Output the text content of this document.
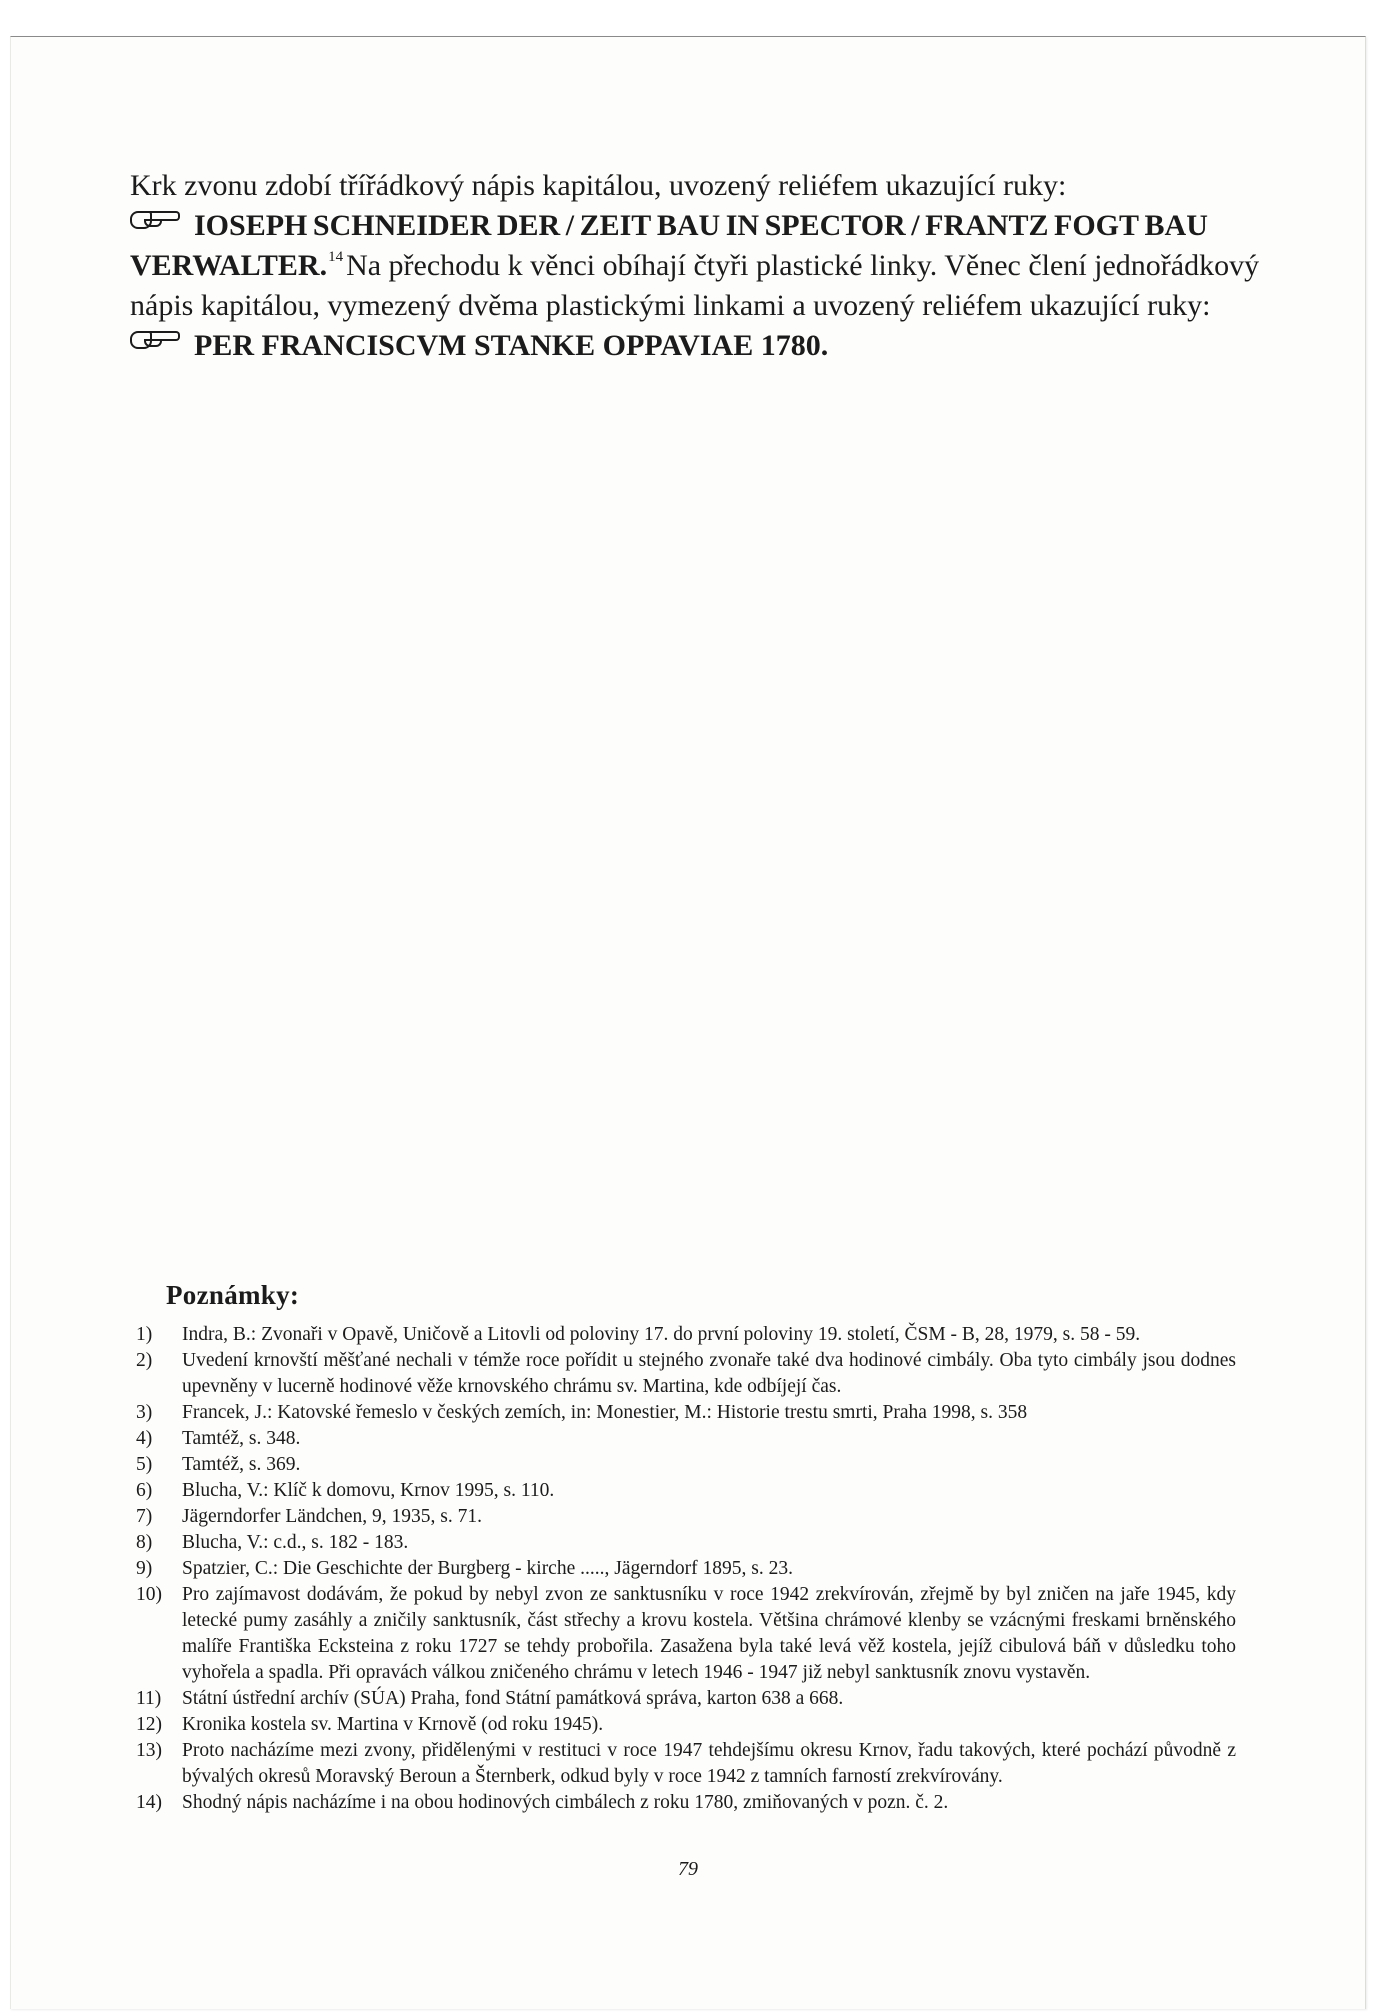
Krk zvonu zdobí třířádkový nápis kapitálou, uvozený reliéfem ukazující ruky:
IOSEPH SCHNEIDER DER / ZEIT BAU IN SPECTOR / FRANTZ FOGT BAU
VERWALTER.$^{14}$ Na přechodu k věnci obíhají čtyři plastické linky. Věnec člení jednořádkový
nápis kapitálou, vymezený dvěma plastickými linkami a uvozený reliéfem ukazující ruky:
PER FRANCISCVM STANKE OPPAVIAE 1780.
Poznámky:
1)	Indra, B.: Zvonaři v Opavě, Uničově a Litovli od poloviny 17. do první poloviny 19. století, ČSM - B, 28, 1979, s. 58 - 59.
2)	Uvedení krnovští měšťané nechali v témže roce pořídit u stejného zvonaře také dva hodinové cimbály. Oba tyto cimbály jsou dodnes upevněny v lucerně hodinové věže krnovského chrámu sv. Martina, kde odbíjejí čas.
3)	Francek, J.: Katovské řemeslo v českých zemích, in: Monestier, M.: Historie trestu smrti, Praha 1998, s. 358
4)	Tamtéž, s. 348.
5)	Tamtéž, s. 369.
6)	Blucha, V.: Klíč k domovu, Krnov 1995, s. 110.
7)	Jägerndorfer Ländchen, 9, 1935, s. 71.
8)	Blucha, V.: c.d., s. 182 - 183.
9)	Spatzier, C.: Die Geschichte der Burgberg - kirche ....., Jägerndorf 1895, s. 23.
10)	Pro zajímavost dodávám, že pokud by nebyl zvon ze sanktusníku v roce 1942 zrekvírován, zřejmě by byl zničen na jaře 1945, kdy letecké pumy zasáhly a zničily sanktusník, část střechy a krovu kostela. Většina chrámové klenby se vzácnými freskami brněnského malíře Františka Ecksteina z roku 1727 se tehdy probořila. Zasažena byla také levá věž kostela, jejíž cibulová báň v důsledku toho vyhořela a spadla. Při opravách válkou zničeného chrámu v letech 1946 - 1947 již nebyl sanktusník znovu vystavěn.
11)	Státní ústřední archív (SÚA) Praha, fond Státní památková správa, karton 638 a 668.
12)	Kronika kostela sv. Martina v Krnově (od roku 1945).
13)	Proto nacházíme mezi zvony, přidělenými v restituci v roce 1947 tehdejšímu okresu Krnov, řadu takových, které pochází původně z bývalých okresů Moravský Beroun a Šternberk, odkud byly v roce 1942 z tamních farností zrekvírovány.
14)	Shodný nápis nacházíme i na obou hodinových cimbálech z roku 1780, zmiňovaných v pozn. č. 2.
79
